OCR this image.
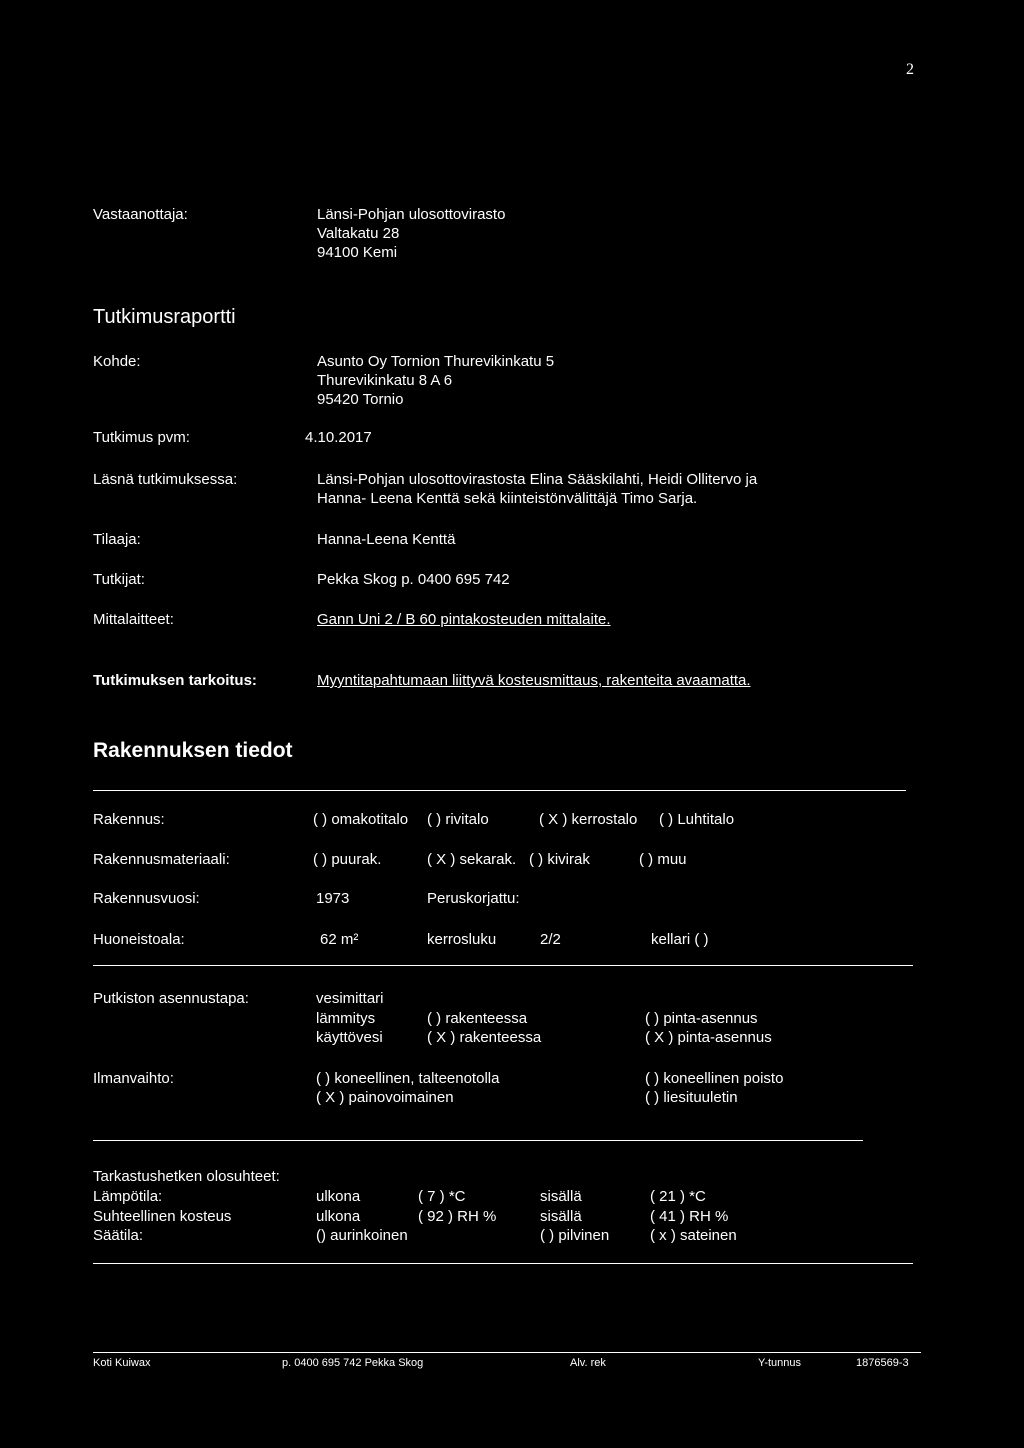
2
Vastaanottaja:	Länsi-Pohjan ulosottovirasto
Valtakatu 28
94100 Kemi
Tutkimusraportti
Kohde:	Asunto Oy Tornion Thurevikinkatu 5
Thurevikinkatu 8 A 6
95420 Tornio
Tutkimus pvm:	4.10.2017
Läsnä tutkimuksessa:	Länsi-Pohjan ulosottovirastosta Elina Sääskilahti, Heidi Ollitervo ja
Hanna- Leena Kenttä sekä kiinteistönvälittäjä Timo Sarja.
Tilaaja:	Hanna-Leena Kenttä
Tutkijat:	Pekka Skog p. 0400 695 742
Mittalaitteet:	Gann Uni 2 / B 60 pintakosteuden mittalaite.
Tutkimuksen tarkoitus:	Myyntitapahtumaan liittyvä kosteusmittaus, rakenteita avaamatta.
Rakennuksen tiedot
Rakennus:	( ) omakotitalo ( ) rivitalo	( X ) kerrostalo ( ) Luhtitalo
Rakennusmateriaali:	( ) puurak.	( X ) sekarak. ( ) kivirak	( ) muu
Rakennusvuosi:	1973	Peruskorjattu:
Huoneistoala:	62 m²	kerrosluku	2/2	kellari ( )
Putkiston asennustapa:	vesimittari
lämmitys	( ) rakenteessa	( ) pinta-asennus
käyttövesi	( X ) rakenteessa	( X ) pinta-asennus
Ilmanvaihto:	( ) koneellinen, talteenotolla	( ) koneellinen poisto
( X ) painovoimainen	( ) liesituuletin
Tarkastushetken olosuhteet:
Lämpötila:	ulkona	( 7 ) *C	sisällä	( 21 ) *C
Suhteellinen kosteus	ulkona	( 92 ) RH %	sisällä	( 41 ) RH %
Säätila:	() aurinkoinen	( ) pilvinen	( x ) sateinen
Koti Kuiwax	p. 0400 695 742 Pekka Skog	Alv. rek	Y-tunnus	1876569-3
